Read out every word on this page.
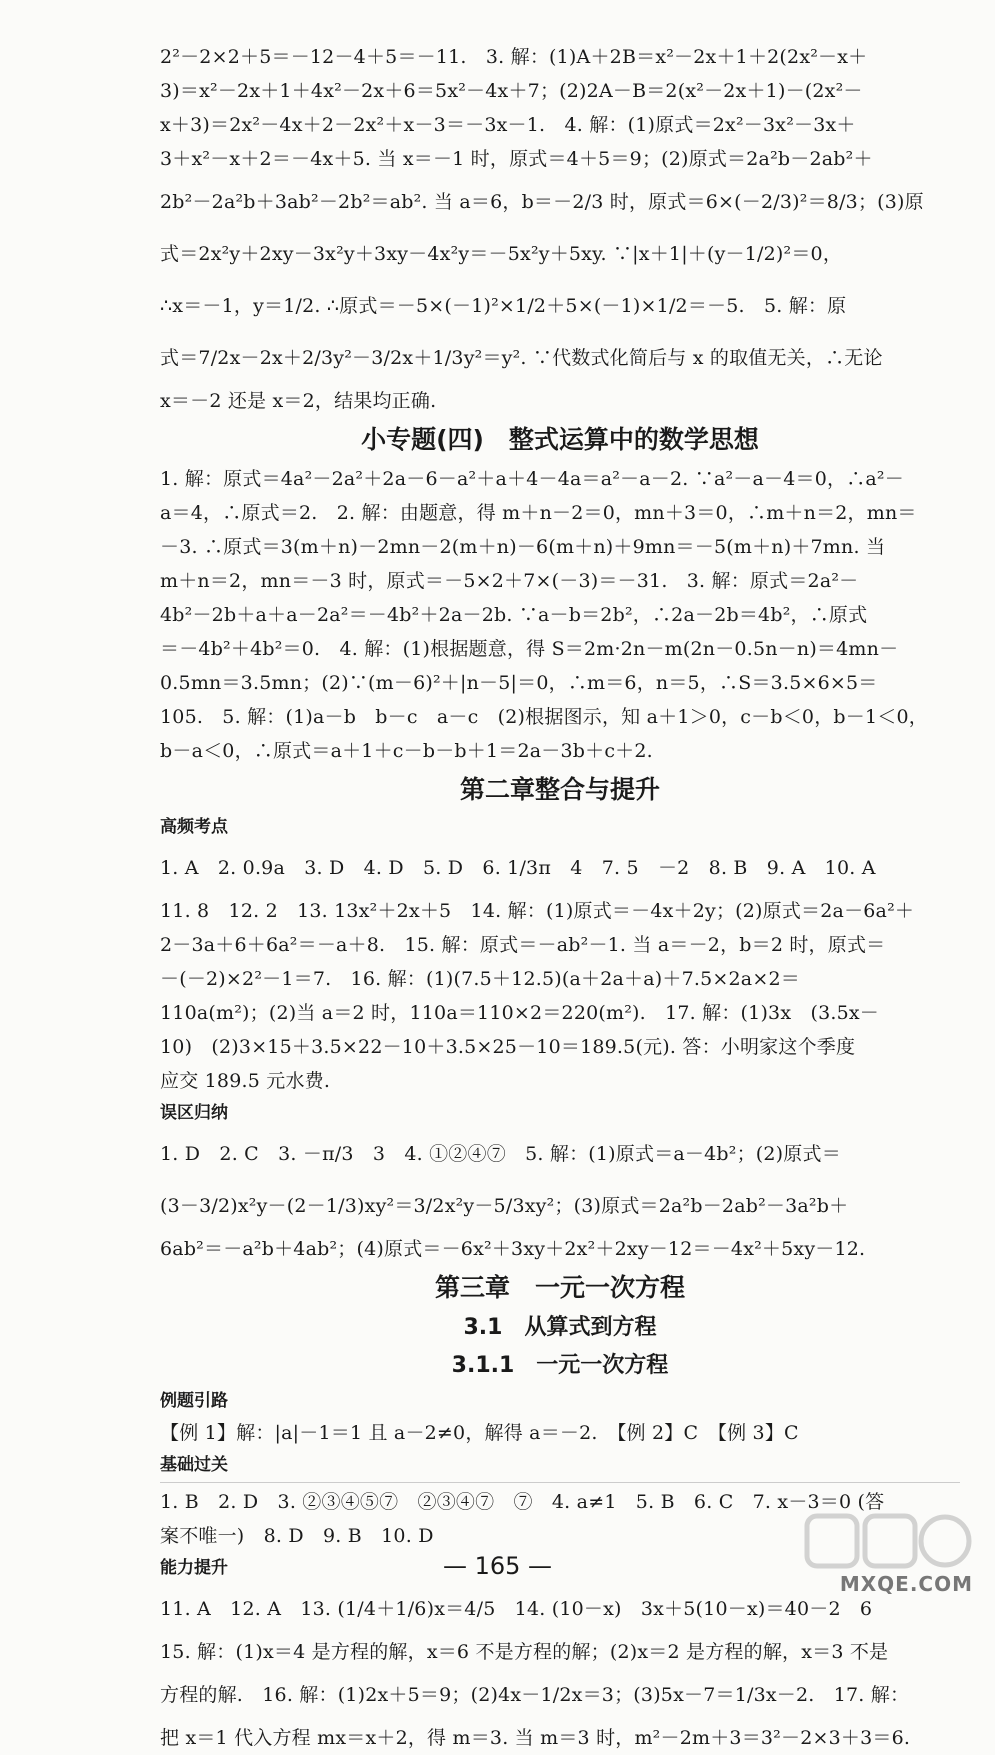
2²－2×2＋5＝－12－4＋5＝－11.　3. 解：(1)A＋2B＝x²－2x＋1＋2(2x²－x＋
3)＝x²－2x＋1＋4x²－2x＋6＝5x²－4x＋7；(2)2A－B＝2(x²－2x＋1)－(2x²－
x＋3)＝2x²－4x＋2－2x²＋x－3＝－3x－1.　4. 解：(1)原式＝2x²－3x²－3x＋
3＋x²－x＋2＝－4x＋5. 当 x＝－1 时，原式＝4＋5＝9；(2)原式＝2a²b－2ab²＋
2b²－2a²b＋3ab²－2b²＝ab². 当 a＝6，b＝－2/3 时，原式＝6×(－2/3)²＝8/3；(3)原
式＝2x²y＋2xy－3x²y＋3xy－4x²y＝－5x²y＋5xy. ∵|x＋1|＋(y－1/2)²＝0，
∴x＝－1，y＝1/2. ∴原式＝－5×(－1)²×1/2＋5×(－1)×1/2＝－5.　5. 解：原
式＝7/2x－2x＋2/3y²－3/2x＋1/3y²＝y². ∵代数式化简后与 x 的取值无关，∴无论
x＝－2 还是 x＝2，结果均正确.
小专题(四)　整式运算中的数学思想
1. 解：原式＝4a²－2a²＋2a－6－a²＋a＋4－4a＝a²－a－2. ∵a²－a－4＝0，∴a²－
a＝4，∴原式＝2.　2. 解：由题意，得 m＋n－2＝0，mn＋3＝0，∴m＋n＝2，mn＝
－3. ∴原式＝3(m＋n)－2mn－2(m＋n)－6(m＋n)＋9mn＝－5(m＋n)＋7mn. 当
m＋n＝2，mn＝－3 时，原式＝－5×2＋7×(－3)＝－31.　3. 解：原式＝2a²－
4b²－2b＋a＋a－2a²＝－4b²＋2a－2b. ∵a－b＝2b²，∴2a－2b＝4b²，∴原式
＝－4b²＋4b²＝0.　4. 解：(1)根据题意，得 S＝2m·2n－m(2n－0.5n－n)＝4mn－
0.5mn＝3.5mn；(2)∵(m－6)²＋|n－5|＝0，∴m＝6，n＝5，∴S＝3.5×6×5＝
105.　5. 解：(1)a－b　b－c　a－c　(2)根据图示，知 a＋1＞0，c－b＜0，b－1＜0，
b－a＜0，∴原式＝a＋1＋c－b－b＋1＝2a－3b＋c＋2.
第二章整合与提升
高频考点
1. A　2. 0.9a　3. D　4. D　5. D　6. 1/3π　4　7. 5　－2　8. B　9. A　10. A
11. 8　12. 2　13. 13x²＋2x＋5　14. 解：(1)原式＝－4x＋2y；(2)原式＝2a－6a²＋
2－3a＋6＋6a²＝－a＋8.　15. 解：原式＝－ab²－1. 当 a＝－2，b＝2 时，原式＝
－(－2)×2²－1＝7.　16. 解：(1)(7.5＋12.5)(a＋2a＋a)＋7.5×2a×2＝
110a(m²)；(2)当 a＝2 时，110a＝110×2＝220(m²).　17. 解：(1)3x　(3.5x－
10)　(2)3×15＋3.5×22－10＋3.5×25－10＝189.5(元). 答：小明家这个季度
应交 189.5 元水费.
误区归纳
1. D　2. C　3. －π/3　3　4. ①②④⑦　5. 解：(1)原式＝a－4b²；(2)原式＝
(3－3/2)x²y－(2－1/3)xy²＝3/2x²y－5/3xy²；(3)原式＝2a²b－2ab²－3a²b＋
6ab²＝－a²b＋4ab²；(4)原式＝－6x²＋3xy＋2x²＋2xy－12＝－4x²＋5xy－12.
第三章　一元一次方程
3.1　从算式到方程
3.1.1　一元一次方程
例题引路
【例 1】解：|a|－1＝1 且 a－2≠0，解得 a＝－2.　【例 2】C　【例 3】C
基础过关
1. B　2. D　3. ②③④⑤⑦　②③④⑦　⑦　4. a≠1　5. B　6. C　7. x－3＝0 (答
案不唯一)　8. D　9. B　10. D
能力提升
11. A　12. A　13. (1/4＋1/6)x＝4/5　14. (10－x)　3x＋5(10－x)＝40－2　6
15. 解：(1)x＝4 是方程的解，x＝6 不是方程的解；(2)x＝2 是方程的解，x＝3 不是
方程的解.　16. 解：(1)2x＋5＝9；(2)4x－1/2x＝3；(3)5x－7＝1/3x－2.　17. 解：
把 x＝1 代入方程 mx＝x＋2，得 m＝3. 当 m＝3 时，m²－2m＋3＝3²－2×3＋3＝6.
— 165 —
MXQE.COM
